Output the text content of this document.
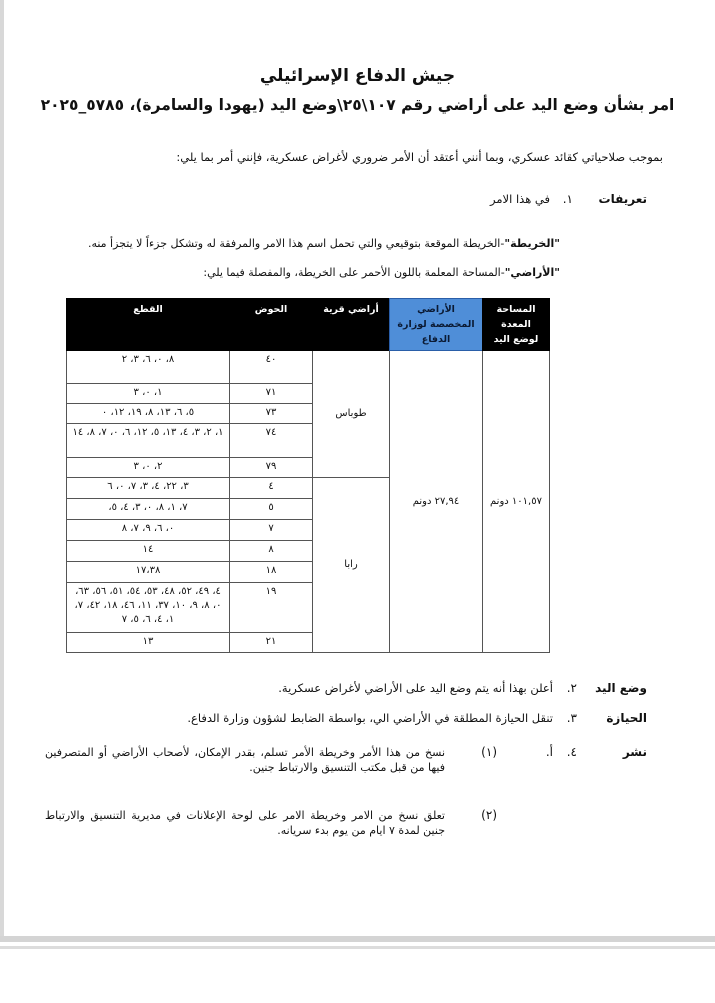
جيش الدفاع الإسرائيلي
امر بشأن وضع اليد على أراضي رقم ١٠٧\٢٥\وضع اليد (يهودا والسامرة)، ٥٧٨٥_٢٠٢٥
بموجب صلاحياتي كقائد عسكري، وبما أنني أعتقد أن الأمر ضروري لأغراض عسكرية، فإنني أمر بما يلي:
تعريفات
١.
في هذا الامر
"الخريطة"-الخريطة الموقعة بتوقيعي والتي تحمل اسم هذا الامر والمرفقة له وتشكل جزءاً لا يتجزأ منه.
"الأراضي"-المساحة المعلمة باللون الأحمر على الخريطة، والمفصلة فيما يلي:
المساحة المعدة لوضع اليد	الأراضي المخصصة لوزارة الدفاع	أراضي قرية	الحوض	القطع
١٠١,٥٧ دونم	٢٧,٩٤ دونم	طوباس	٤٠	٨، ٠، ٦، ٣، ٢
			٧١	١، ٠، ٣
			٧٣	٥، ٦، ١٣، ٨، ١٩، ١٢، ٠
			٧٤	١، ٢، ٣، ٤، ١٣، ٥، ١٢، ٦، ٠، ٧، ٨، ١٤
			٧٩	٢، ٠، ٣
		رابا	٤	٣، ٢٢، ٤، ٣، ٧، ٠، ٦
			٥	٧، ١، ٨، ٠، ٣، ٤، ٥،
			٧	٠، ٦، ٩، ٧، ٨
			٨	١٤
			١٨	١٧،٣٨
			١٩	٤، ٤٩، ٥٢، ٤٨، ٥٣، ٥٤، ٥١، ٥٦، ٦٣، ٠، ٨، ٩، ١٠، ٣٧، ١١، ٤٦، ١٨، ٤٢، ٧، ١، ٤، ٦، ٥، ٧
			٢١	١٣
وضع اليد
٢.
أعلن بهذا أنه يتم وضع اليد على الأراضي لأغراض عسكرية.
الحيازة
٣.
تنقل الحيازة المطلقة في الأراضي الي، بواسطة الضابط لشؤون وزارة الدفاع.
نشر
٤.
أ.
(١)
نسخ من هذا الأمر وخريطة الأمر تسلم، بقدر الإمكان، لأصحاب الأراضي أو المتصرفين فيها من قبل مكتب التنسيق والارتباط جنين.
(٢)
تعلق نسخ من الامر وخريطة الامر على لوحة الإعلانات في مديرية التنسيق والارتباط جنين لمدة ٧ ايام من يوم بدء سريانه.
